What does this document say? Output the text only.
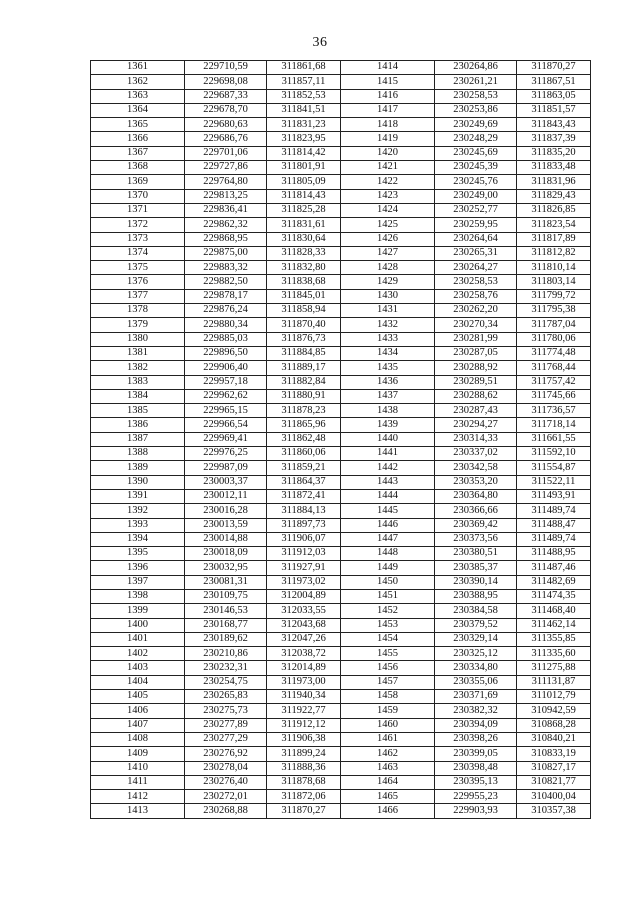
36
1361	229710,59	311861,68	1414	230264,86	311870,27
1362	229698,08	311857,11	1415	230261,21	311867,51
1363	229687,33	311852,53	1416	230258,53	311863,05
1364	229678,70	311841,51	1417	230253,86	311851,57
1365	229680,63	311831,23	1418	230249,69	311843,43
1366	229686,76	311823,95	1419	230248,29	311837,39
1367	229701,06	311814,42	1420	230245,69	311835,20
1368	229727,86	311801,91	1421	230245,39	311833,48
1369	229764,80	311805,09	1422	230245,76	311831,96
1370	229813,25	311814,43	1423	230249,00	311829,43
1371	229836,41	311825,28	1424	230252,77	311826,85
1372	229862,32	311831,61	1425	230259,95	311823,54
1373	229868,95	311830,64	1426	230264,64	311817,89
1374	229875,00	311828,33	1427	230265,31	311812,82
1375	229883,32	311832,80	1428	230264,27	311810,14
1376	229882,50	311838,68	1429	230258,53	311803,14
1377	229878,17	311845,01	1430	230258,76	311799,72
1378	229876,24	311858,94	1431	230262,20	311795,38
1379	229880,34	311870,40	1432	230270,34	311787,04
1380	229885,03	311876,73	1433	230281,99	311780,06
1381	229896,50	311884,85	1434	230287,05	311774,48
1382	229906,40	311889,17	1435	230288,92	311768,44
1383	229957,18	311882,84	1436	230289,51	311757,42
1384	229962,62	311880,91	1437	230288,62	311745,66
1385	229965,15	311878,23	1438	230287,43	311736,57
1386	229966,54	311865,96	1439	230294,27	311718,14
1387	229969,41	311862,48	1440	230314,33	311661,55
1388	229976,25	311860,06	1441	230337,02	311592,10
1389	229987,09	311859,21	1442	230342,58	311554,87
1390	230003,37	311864,37	1443	230353,20	311522,11
1391	230012,11	311872,41	1444	230364,80	311493,91
1392	230016,28	311884,13	1445	230366,66	311489,74
1393	230013,59	311897,73	1446	230369,42	311488,47
1394	230014,88	311906,07	1447	230373,56	311489,74
1395	230018,09	311912,03	1448	230380,51	311488,95
1396	230032,95	311927,91	1449	230385,37	311487,46
1397	230081,31	311973,02	1450	230390,14	311482,69
1398	230109,75	312004,89	1451	230388,95	311474,35
1399	230146,53	312033,55	1452	230384,58	311468,40
1400	230168,77	312043,68	1453	230379,52	311462,14
1401	230189,62	312047,26	1454	230329,14	311355,85
1402	230210,86	312038,72	1455	230325,12	311335,60
1403	230232,31	312014,89	1456	230334,80	311275,88
1404	230254,75	311973,00	1457	230355,06	311131,87
1405	230265,83	311940,34	1458	230371,69	311012,79
1406	230275,73	311922,77	1459	230382,32	310942,59
1407	230277,89	311912,12	1460	230394,09	310868,28
1408	230277,29	311906,38	1461	230398,26	310840,21
1409	230276,92	311899,24	1462	230399,05	310833,19
1410	230278,04	311888,36	1463	230398,48	310827,17
1411	230276,40	311878,68	1464	230395,13	310821,77
1412	230272,01	311872,06	1465	229955,23	310400,04
1413	230268,88	311870,27	1466	229903,93	310357,38
